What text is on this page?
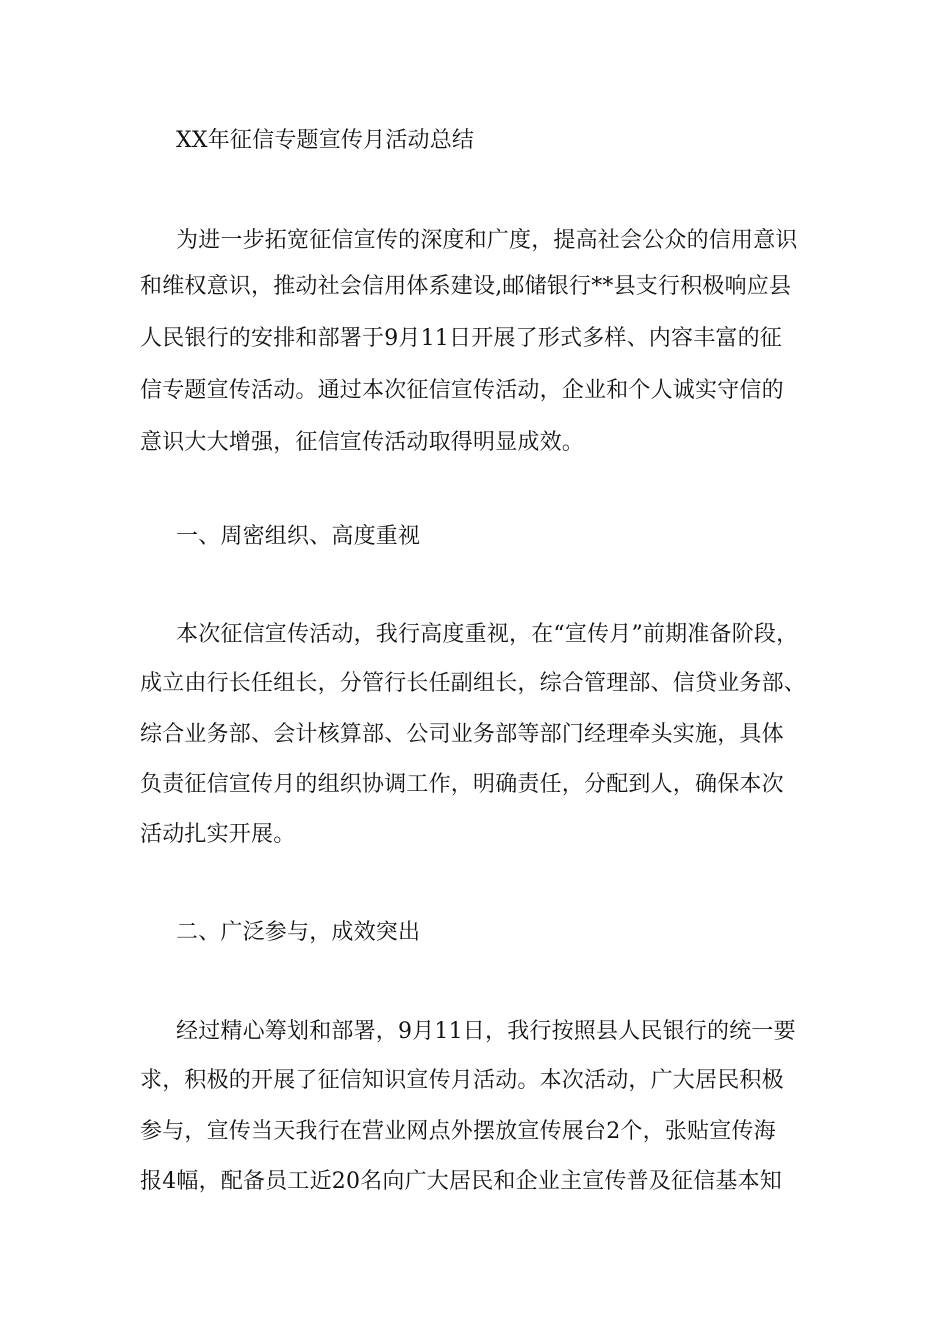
XX年征信专题宣传月活动总结
为进一步拓宽征信宣传的深度和广度，提高社会公众的信用意识
和维权意识，推动社会信用体系建设,邮储银行**县支行积极响应县
人民银行的安排和部署于9月11日开展了形式多样、内容丰富的征
信专题宣传活动。通过本次征信宣传活动，企业和个人诚实守信的
意识大大增强，征信宣传活动取得明显成效。
一、周密组织、高度重视
本次征信宣传活动，我行高度重视，在“宣传月”前期准备阶段，
成立由行长任组长，分管行长任副组长，综合管理部、信贷业务部、
综合业务部、会计核算部、公司业务部等部门经理牵头实施，具体
负责征信宣传月的组织协调工作，明确责任，分配到人，确保本次
活动扎实开展。
二、广泛参与，成效突出
经过精心筹划和部署，9月11日，我行按照县人民银行的统一要
求，积极的开展了征信知识宣传月活动。本次活动，广大居民积极
参与，宣传当天我行在营业网点外摆放宣传展台2个，张贴宣传海
报4幅，配备员工近20名向广大居民和企业主宣传普及征信基本知
